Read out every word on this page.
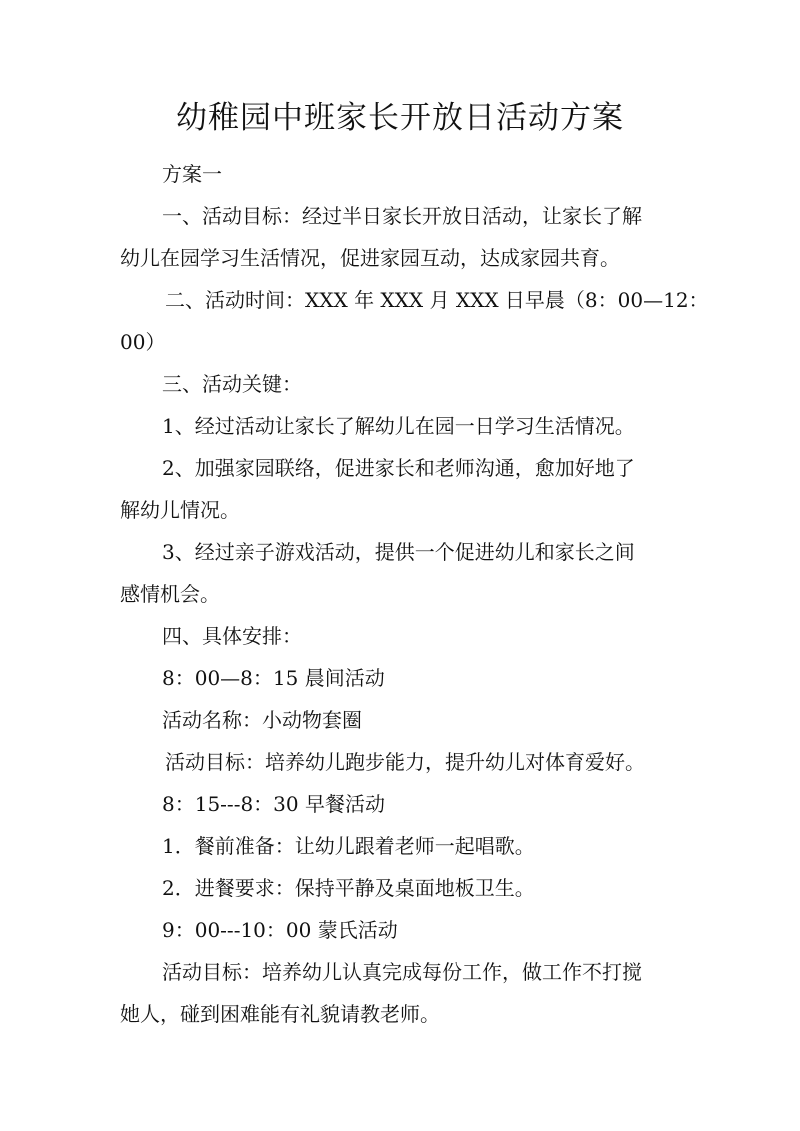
幼稚园中班家长开放日活动方案

方案一

一、活动目标：经过半日家长开放日活动，让家长了解

幼儿在园学习生活情况，促进家园互动，达成家园共育。

二、活动时间：XXX 年 XXX 月 XXX 日早晨（8：00—12：

00）

三、活动关键：

1、经过活动让家长了解幼儿在园一日学习生活情况。

2、加强家园联络，促进家长和老师沟通，愈加好地了

解幼儿情况。

3、经过亲子游戏活动，提供一个促进幼儿和家长之间

感情机会。

四、具体安排：

8：00—8：15 晨间活动

活动名称：小动物套圈

活动目标：培养幼儿跑步能力，提升幼儿对体育爱好。

8：15---8：30 早餐活动

1．餐前准备：让幼儿跟着老师一起唱歌。

2．进餐要求：保持平静及桌面地板卫生。

9：00---10：00 蒙氏活动

活动目标：培养幼儿认真完成每份工作，做工作不打搅

她人，碰到困难能有礼貌请教老师。
